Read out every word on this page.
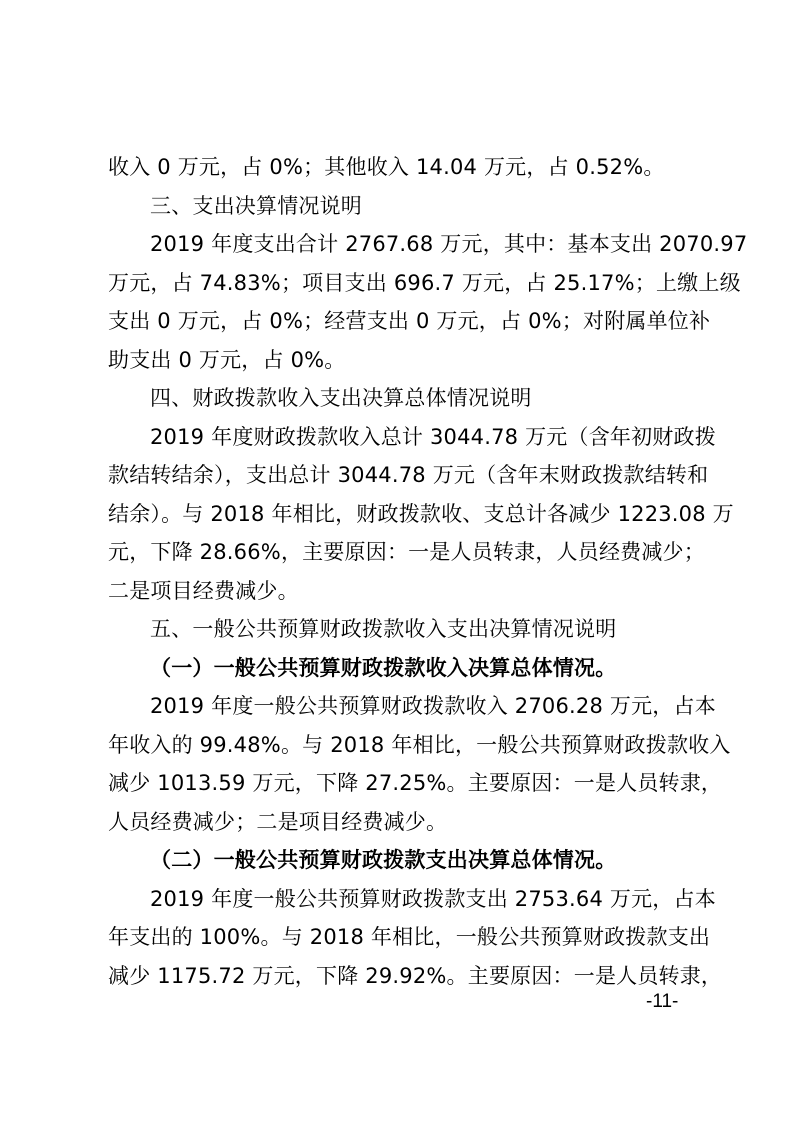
收入 0 万元，占 0%；其他收入 14.04 万元，占 0.52%。
三、支出决算情况说明
2019 年度支出合计 2767.68 万元，其中：基本支出 2070.97
万元，占 74.83%；项目支出 696.7 万元，占 25.17%；上缴上级
支出 0 万元，占 0%；经营支出 0 万元，占 0%；对附属单位补
助支出 0 万元，占 0%。
四、财政拨款收入支出决算总体情况说明
2019 年度财政拨款收入总计 3044.78 万元（含年初财政拨
款结转结余），支出总计 3044.78 万元（含年末财政拨款结转和
结余）。与 2018 年相比，财政拨款收、支总计各减少 1223.08 万
元，下降 28.66%，主要原因：一是人员转隶，人员经费减少；
二是项目经费减少。
五、一般公共预算财政拨款收入支出决算情况说明
（一）一般公共预算财政拨款收入决算总体情况。
2019 年度一般公共预算财政拨款收入 2706.28 万元，占本
年收入的 99.48%。与 2018 年相比，一般公共预算财政拨款收入
减少 1013.59 万元，下降 27.25%。主要原因：一是人员转隶，
人员经费减少；二是项目经费减少。
（二）一般公共预算财政拨款支出决算总体情况。
2019 年度一般公共预算财政拨款支出 2753.64 万元，占本
年支出的 100%。与 2018 年相比，一般公共预算财政拨款支出
减少 1175.72 万元，下降 29.92%。主要原因：一是人员转隶，
-11-
